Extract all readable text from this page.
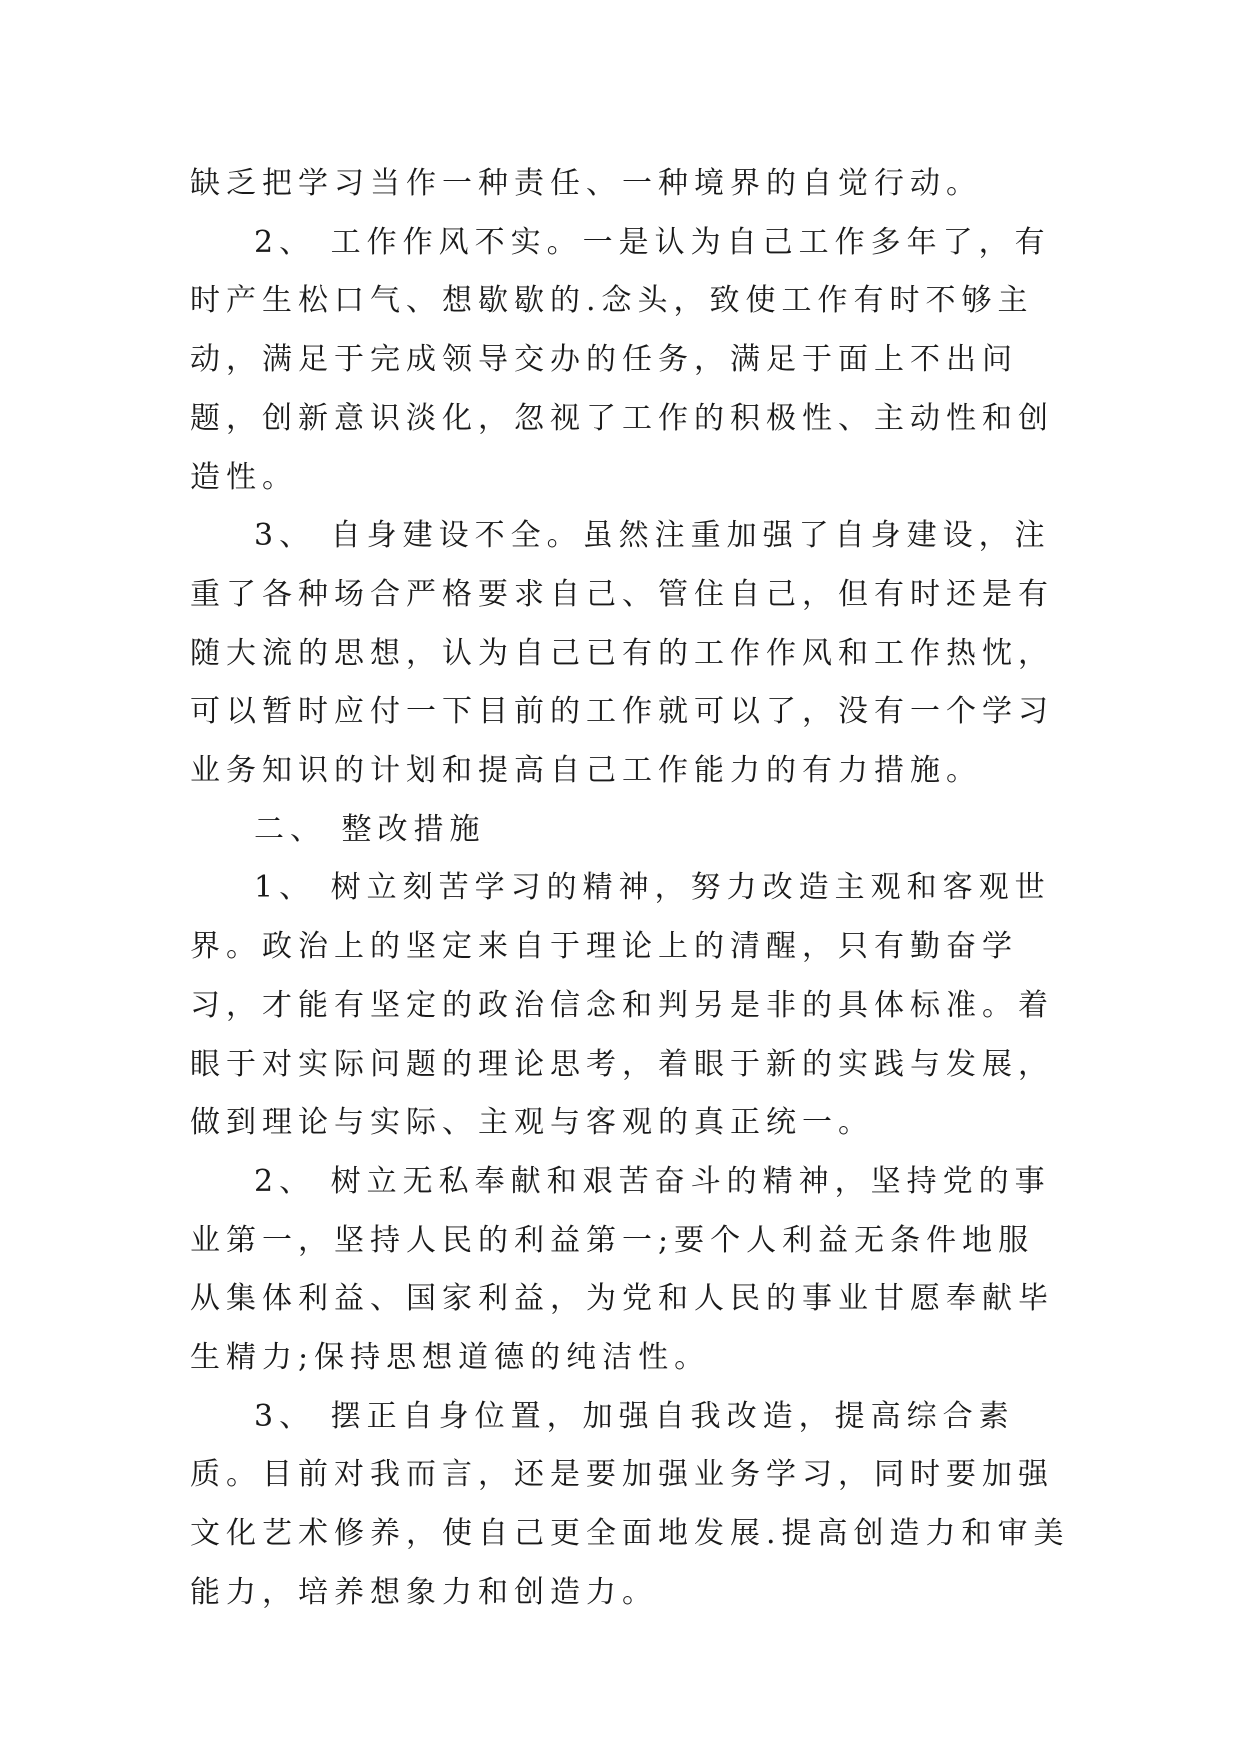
缺乏把学习当作一种责任、一种境界的自觉行动。

2、 工作作风不实。一是认为自己工作多年了，有时产生松口气、想歇歇的.念头，致使工作有时不够主动，满足于完成领导交办的任务，满足于面上不出问题，创新意识淡化，忽视了工作的积极性、主动性和创造性。

3、 自身建设不全。虽然注重加强了自身建设，注重了各种场合严格要求自己、管住自己，但有时还是有随大流的思想，认为自己已有的工作作风和工作热忱，可以暂时应付一下目前的工作就可以了，没有一个学习业务知识的计划和提高自己工作能力的有力措施。

二、 整改措施

1、 树立刻苦学习的精神，努力改造主观和客观世界。政治上的坚定来自于理论上的清醒，只有勤奋学习，才能有坚定的政治信念和判另是非的具体标准。着眼于对实际问题的理论思考，着眼于新的实践与发展，做到理论与实际、主观与客观的真正统一。

2、 树立无私奉献和艰苦奋斗的精神，坚持党的事业第一，坚持人民的利益第一;要个人利益无条件地服从集体利益、国家利益，为党和人民的事业甘愿奉献毕生精力;保持思想道德的纯洁性。

3、 摆正自身位置，加强自我改造，提高综合素质。目前对我而言，还是要加强业务学习，同时要加强文化艺术修养，使自己更全面地发展.提高创造力和审美能力，培养想象力和创造力。
